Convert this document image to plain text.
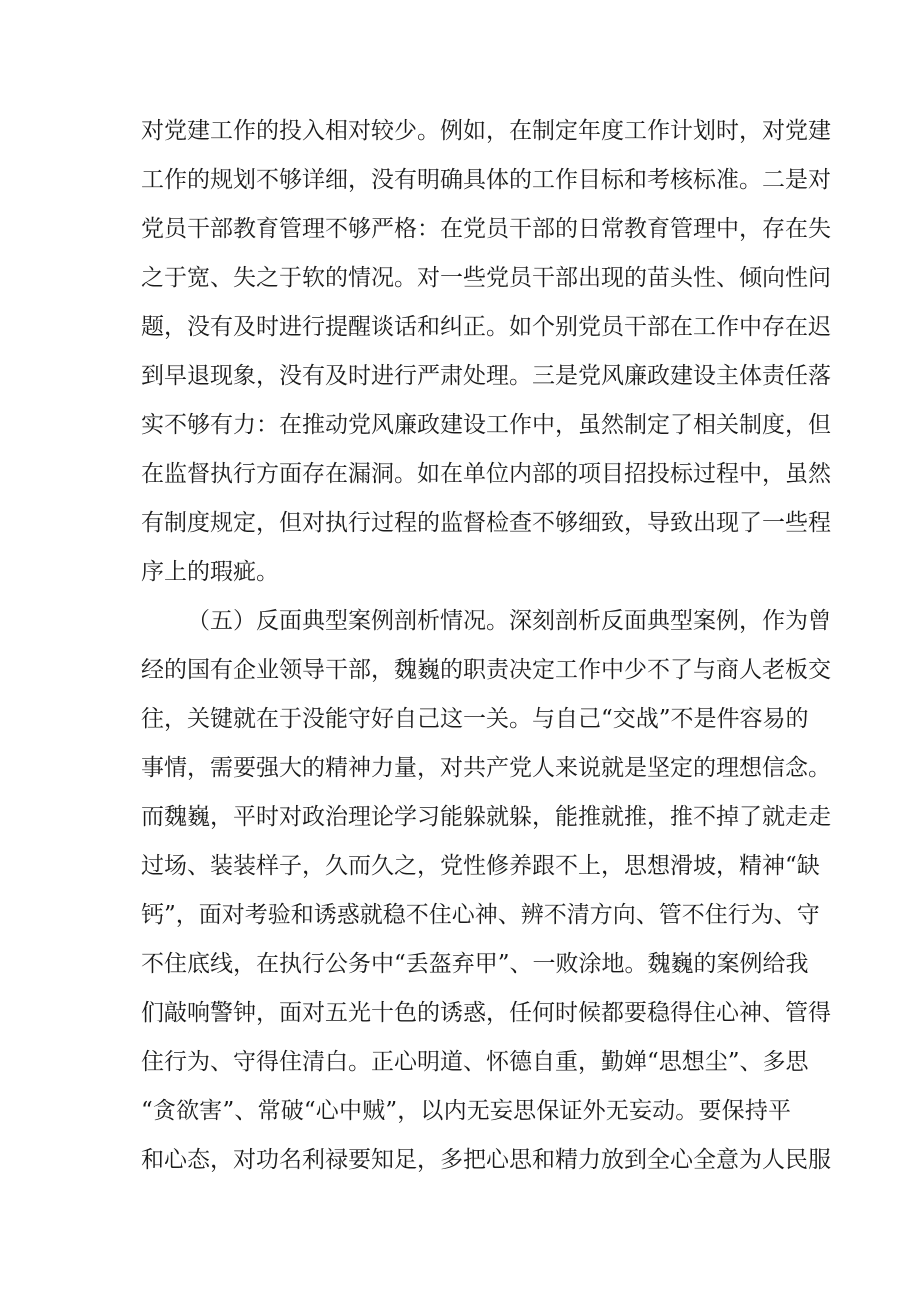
对党建工作的投入相对较少。例如，在制定年度工作计划时，对党建
工作的规划不够详细，没有明确具体的工作目标和考核标准。二是对
党员干部教育管理不够严格：在党员干部的日常教育管理中，存在失
之于宽、失之于软的情况。对一些党员干部出现的苗头性、倾向性问
题，没有及时进行提醒谈话和纠正。如个别党员干部在工作中存在迟
到早退现象，没有及时进行严肃处理。三是党风廉政建设主体责任落
实不够有力：在推动党风廉政建设工作中，虽然制定了相关制度，但
在监督执行方面存在漏洞。如在单位内部的项目招投标过程中，虽然
有制度规定，但对执行过程的监督检查不够细致，导致出现了一些程
序上的瑕疵。
（五）反面典型案例剖析情况。深刻剖析反面典型案例，作为曾
经的国有企业领导干部，魏巍的职责决定工作中少不了与商人老板交
往，关键就在于没能守好自己这一关。与自己“交战”不是件容易的
事情，需要强大的精神力量，对共产党人来说就是坚定的理想信念。
而魏巍，平时对政治理论学习能躲就躲，能推就推，推不掉了就走走
过场、装装样子，久而久之，党性修养跟不上，思想滑坡，精神“缺
钙”，面对考验和诱惑就稳不住心神、辨不清方向、管不住行为、守
不住底线，在执行公务中“丢盔弃甲”、一败涂地。魏巍的案例给我
们敲响警钟，面对五光十色的诱惑，任何时候都要稳得住心神、管得
住行为、守得住清白。正心明道、怀德自重，勤婵“思想尘”、多思
“贪欲害”、常破“心中贼”，以内无妄思保证外无妄动。要保持平
和心态，对功名利禄要知足，多把心思和精力放到全心全意为人民服
